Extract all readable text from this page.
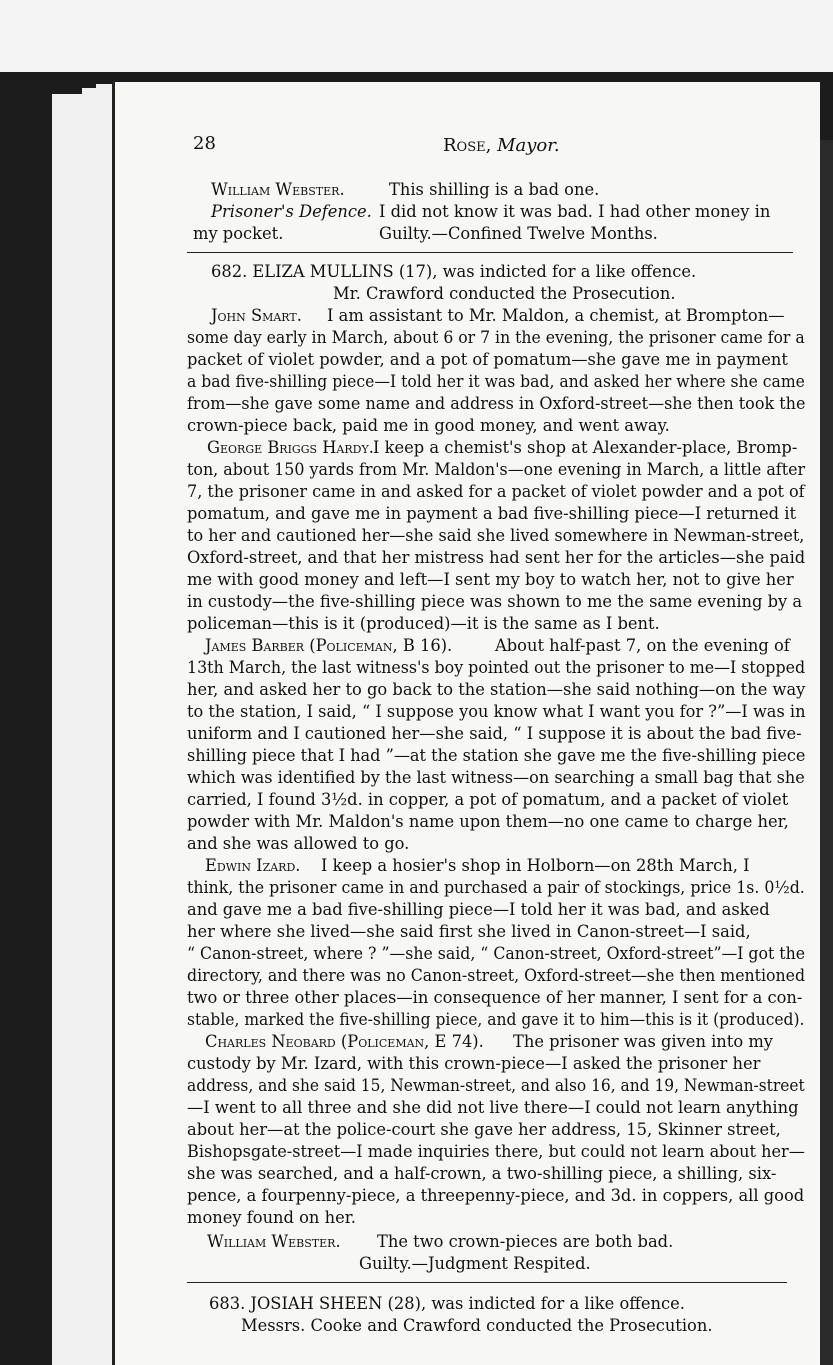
28	Rose, Mayor.
William Webster.	This shilling is a bad one.
Prisoner's Defence. I did not know it was bad. I had other money in
my pocket.	Guilty.—Confined Twelve Months.
682. ELIZA MULLINS (17), was indicted for a like offence.
Mr. Crawford conducted the Prosecution.
John Smart. I am assistant to Mr. Maldon, a chemist, at Brompton—
some day early in March, about 6 or 7 in the evening, the prisoner came for a
packet of violet powder, and a pot of pomatum—she gave me in payment
a bad five-shilling piece—I told her it was bad, and asked her where she came
from—she gave some name and address in Oxford-street—she then took the
crown-piece back, paid me in good money, and went away.
George Briggs Hardy. I keep a chemist's shop at Alexander-place, Bromp-
ton, about 150 yards from Mr. Maldon's—one evening in March, a little after
7, the prisoner came in and asked for a packet of violet powder and a pot of
pomatum, and gave me in payment a bad five-shilling piece—I returned it
to her and cautioned her—she said she lived somewhere in Newman-street,
Oxford-street, and that her mistress had sent her for the articles—she paid
me with good money and left—I sent my boy to watch her, not to give her
in custody—the five-shilling piece was shown to me the same evening by a
policeman—this is it (produced)—it is the same as I bent.
James Barber (Policeman, B 16).	About half-past 7, on the evening of
13th March, the last witness's boy pointed out the prisoner to me—I stopped
her, and asked her to go back to the station—she said nothing—on the way
to the station, I said, “ I suppose you know what I want you for ?”—I was in
uniform and I cautioned her—she said, “ I suppose it is about the bad five-
shilling piece that I had ”—at the station she gave me the five-shilling piece
which was identified by the last witness—on searching a small bag that she
carried, I found 3½d. in copper, a pot of pomatum, and a packet of violet
powder with Mr. Maldon's name upon them—no one came to charge her,
and she was allowed to go.
Edwin Izard. I keep a hosier's shop in Holborn—on 28th March, I
think, the prisoner came in and purchased a pair of stockings, price 1s. 0½d.
and gave me a bad five-shilling piece—I told her it was bad, and asked
her where she lived—she said first she lived in Canon-street—I said,
“ Canon-street, where ? ”—she said, “ Canon-street, Oxford-street”—I got the
directory, and there was no Canon-street, Oxford-street—she then mentioned
two or three other places—in consequence of her manner, I sent for a con-
stable, marked the five-shilling piece, and gave it to him—this is it (produced).
Charles Neobard (Policeman, E 74). The prisoner was given into my
custody by Mr. Izard, with this crown-piece—I asked the prisoner her
address, and she said 15, Newman-street, and also 16, and 19, Newman-street
—I went to all three and she did not live there—I could not learn anything
about her—at the police-court she gave her address, 15, Skinner street,
Bishopsgate-street—I made inquiries there, but could not learn about her—
she was searched, and a half-crown, a two-shilling piece, a shilling, six-
pence, a fourpenny-piece, a threepenny-piece, and 3d. in coppers, all good
money found on her.
William Webster. The two crown-pieces are both bad.
Guilty.—Judgment Respited.
683. JOSIAH SHEEN (28), was indicted for a like offence.
Messrs. Cooke and Crawford conducted the Prosecution.
